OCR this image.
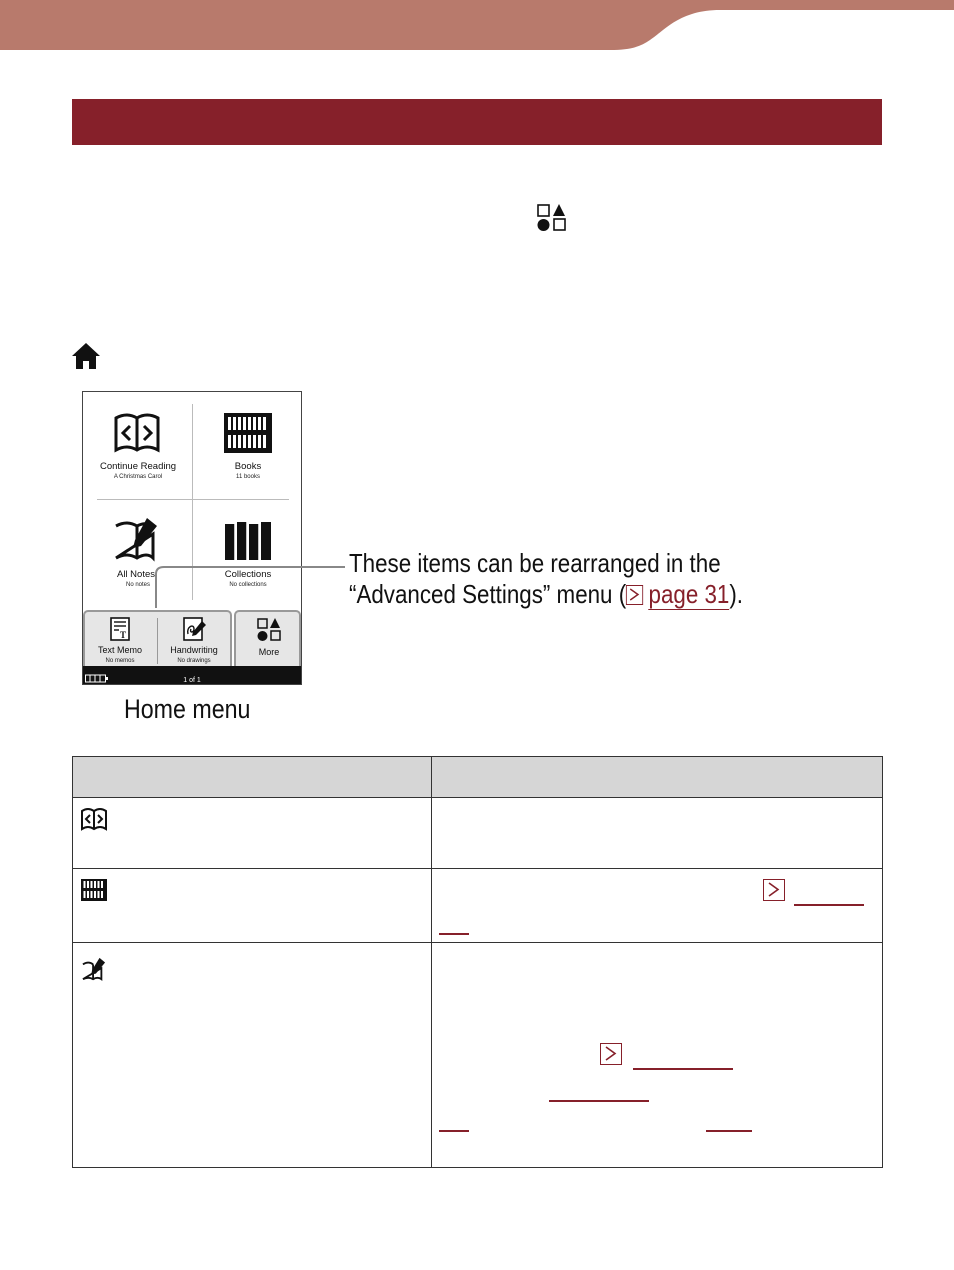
Continue Reading
A Christmas Carol
Books
11 books
All Notes
No notes
Collections
No collections
T
Text Memo
No memos
Handwriting
No drawings
More
1 of 1
These items can be rearranged in the
“Advanced Settings” menu ( page 31).
Home menu
